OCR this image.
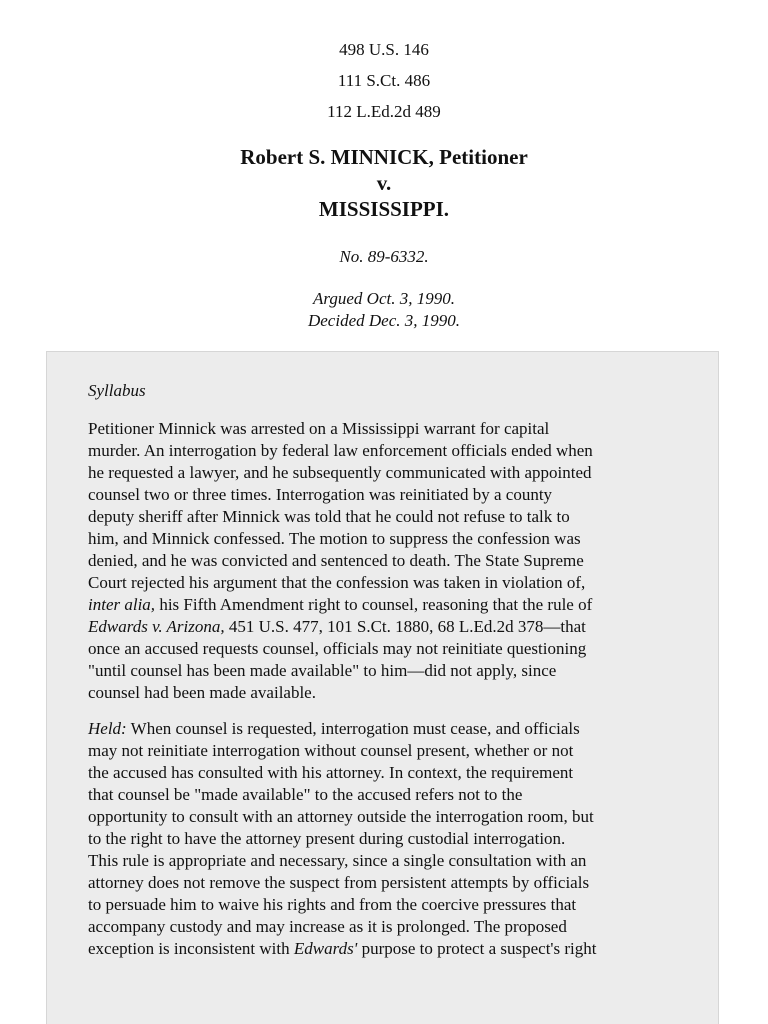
498 U.S. 146
111 S.Ct. 486
112 L.Ed.2d 489
Robert S. MINNICK, Petitioner
v.
MISSISSIPPI.
No. 89-6332.
Argued Oct. 3, 1990.
Decided Dec. 3, 1990.
Syllabus
Petitioner Minnick was arrested on a Mississippi warrant for capital
murder. An interrogation by federal law enforcement officials ended when
he requested a lawyer, and he subsequently communicated with appointed
counsel two or three times. Interrogation was reinitiated by a county
deputy sheriff after Minnick was told that he could not refuse to talk to
him, and Minnick confessed. The motion to suppress the confession was
denied, and he was convicted and sentenced to death. The State Supreme
Court rejected his argument that the confession was taken in violation of,
inter alia, his Fifth Amendment right to counsel, reasoning that the rule of
Edwards v. Arizona, 451 U.S. 477, 101 S.Ct. 1880, 68 L.Ed.2d 378—that
once an accused requests counsel, officials may not reinitiate questioning
"until counsel has been made available" to him—did not apply, since
counsel had been made available.
Held: When counsel is requested, interrogation must cease, and officials
may not reinitiate interrogation without counsel present, whether or not
the accused has consulted with his attorney. In context, the requirement
that counsel be "made available" to the accused refers not to the
opportunity to consult with an attorney outside the interrogation room, but
to the right to have the attorney present during custodial interrogation.
This rule is appropriate and necessary, since a single consultation with an
attorney does not remove the suspect from persistent attempts by officials
to persuade him to waive his rights and from the coercive pressures that
accompany custody and may increase as it is prolonged. The proposed
exception is inconsistent with Edwards' purpose to protect a suspect's right
